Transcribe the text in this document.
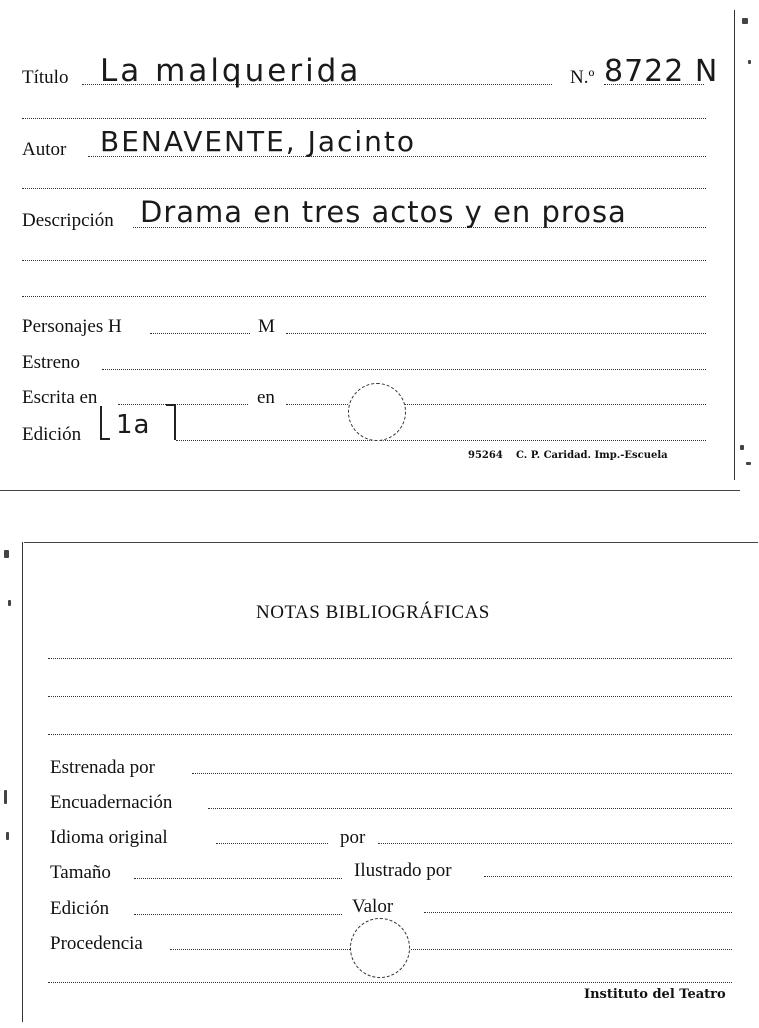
Título La malquerida	N.º 8722 N
Autor BENAVENTE, Jacinto
Descripción Drama en tres actos y en prosa
Personajes H	M
Estreno
Escrita en	en
Edición 1a
95264 C. P. Caridad. Imp.-Escuela
NOTAS BIBLIOGRÁFICAS
Estrenada por
Encuadernación
Idioma original	por
Tamaño	Ilustrado por
Edición	Valor
Procedencia
Instituto del Teatro
